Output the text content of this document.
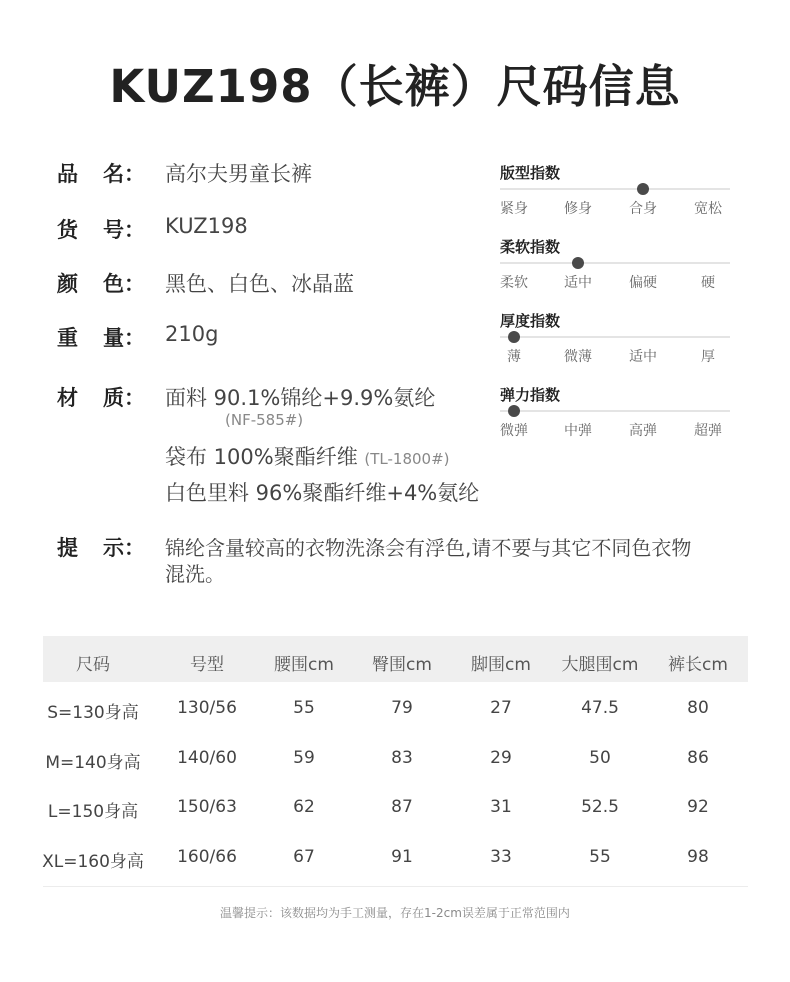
KUZ198（长裤）尺码信息
品 名： 高尔夫男童长裤
货 号： KUZ198
颜 色： 黑色、白色、冰晶蓝
重 量： 210g
材 质： 面料 90.1%锦纶+9.9%氨纶
(NF-585#)
袋布 100%聚酯纤维 (TL-1800#)
白色里料 96%聚酯纤维+4%氨纶
提 示： 锦纶含量较高的衣物洗涤会有浮色,请不要与其它不同色衣物
混洗。
版型指数
紧身	修身	合身	宽松
柔软指数
柔软	适中	偏硬	硬
厚度指数
薄	微薄	适中	厚
弹力指数
微弹	中弹	高弹	超弹
尺码	号型	腰围cm	臀围cm	脚围cm	大腿围cm	裤长cm
S=130身高	130/56	55	79	27	47.5	80
M=140身高	140/60	59	83	29	50	86
L=150身高	150/63	62	87	31	52.5	92
XL=160身高	160/66	67	91	33	55	98
温馨提示：该数据均为手工测量，存在1-2cm误差属于正常范围内
